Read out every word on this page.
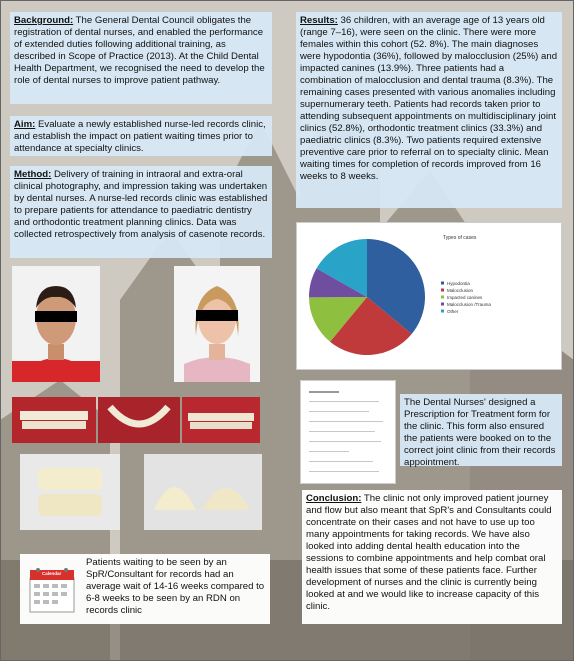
Background: The General Dental Council obligates the registration of dental nurses, and enabled the performance of extended duties following additional training, as described in Scope of Practice (2013). At the Child Dental Health Department, we recognised the need to develop the role of dental nurses to improve patient pathway.
Aim: Evaluate a newly established nurse-led records clinic, and establish the impact on patient waiting times prior to attendance at specialty clinics.
Method: Delivery of training in intraoral and extra-oral clinical photography, and impression taking was undertaken by dental nurses. A nurse-led records clinic was established to prepare patients for attendance to paediatric dentistry and orthodontic treatment planning clinics. Data was collected retrospectively from analysis of casenote records.
Calendar
Patients waiting to be seen by an SpR/Consultant for records had an average wait of 14-16 weeks compared to 6-8 weeks to be seen by an RDN on records clinic
Results: 36 children, with an average age of 13 years old (range 7–16), were seen on the clinic. There were more females within this cohort (52. 8%). The main diagnoses were hypodontia (36%), followed by malocclusion (25%) and impacted canines (13.9%). Three patients had a combination of malocclusion and dental trauma (8.3%). The remaining cases presented with various anomalies including supernumerary teeth. Patients had records taken prior to attending subsequent appointments on multidisciplinary joint clinics (52.8%), orthodontic treatment clinics (33.3%) and paediatric clinics (8.3%). Two patients required extensive preventive care prior to referral on to specialty clinic. Mean waiting times for completion of records improved from 16 weeks to 8 weeks.
Types of cases
Hypodontia
Malocclusion
Impacted canines
Malocclusion /Trauma
Other
The Dental Nurses' designed a Prescription for Treatment form for the clinic. This form also ensured the patients were booked on to the correct joint clinic from their records appointment.
Conclusion: The clinic not only improved patient journey and flow but also meant that SpR's and Consultants could concentrate on their cases and not have to use up too many appointments for taking records. We have also looked into adding dental health education into the sessions to combine appointments and help combat oral health issues that some of these patients face. Further development of nurses and the clinic is currently being looked at and we would like to increase capacity of this clinic.
